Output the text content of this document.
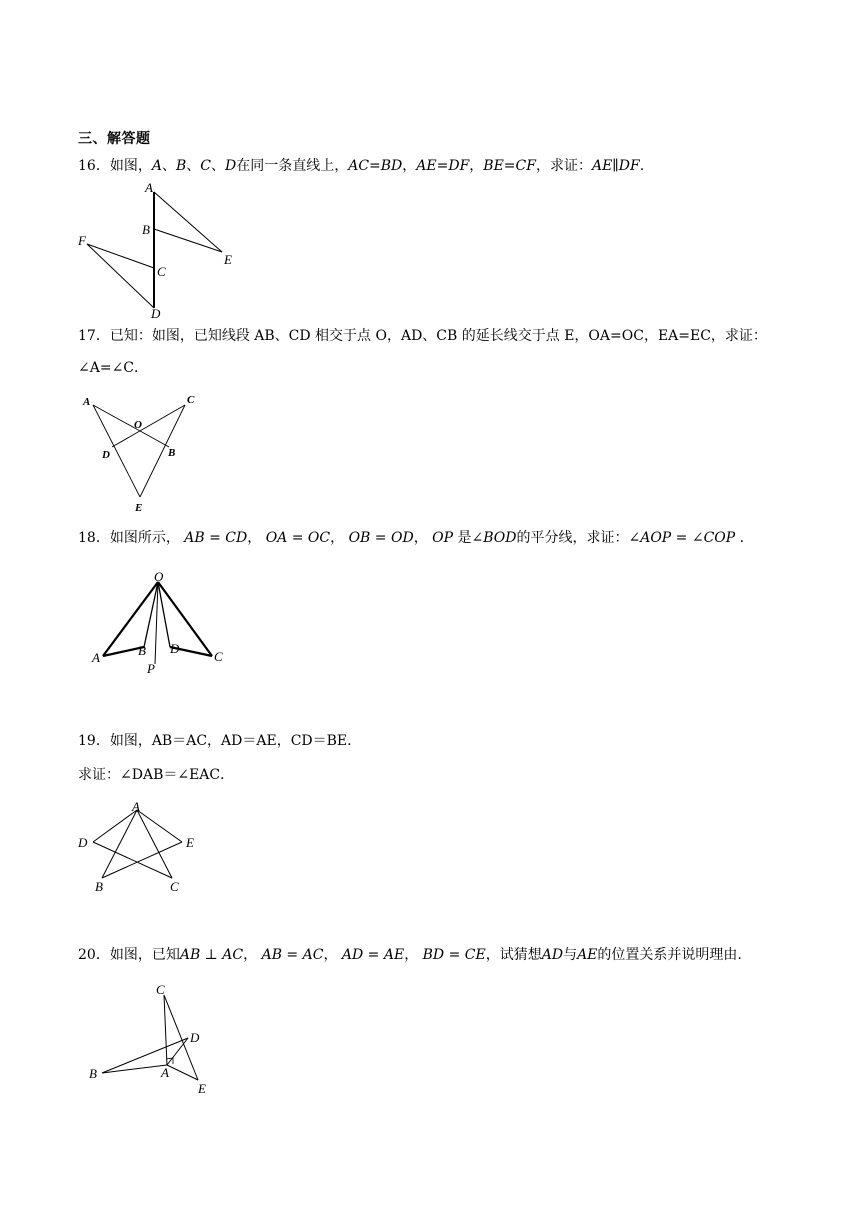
三、解答题
16．如图，A、B、C、D在同一条直线上，AC=BD，AE=DF，BE=CF，求证：AE∥DF.
A
B
E
F
C
D
17．已知：如图，已知线段 AB、CD 相交于点 O，AD、CB 的延长线交于点 E，OA=OC，EA=EC，求证：
∠A=∠C．
A	C
O
D	B
E
18．如图所示， AB = CD， OA = OC， OB = OD， OP 是∠BOD的平分线，求证：∠AOP = ∠COP .
O
A	B D
C
P
19．如图，AB＝AC，AD＝AE，CD＝BE.
求证：∠DAB＝∠EAC．
A
D	E
B	C
20．如图，已知AB ⊥ AC， AB = AC， AD = AE， BD = CE，试猜想AD与AE的位置关系并说明理由.
C
D
B	A
E
